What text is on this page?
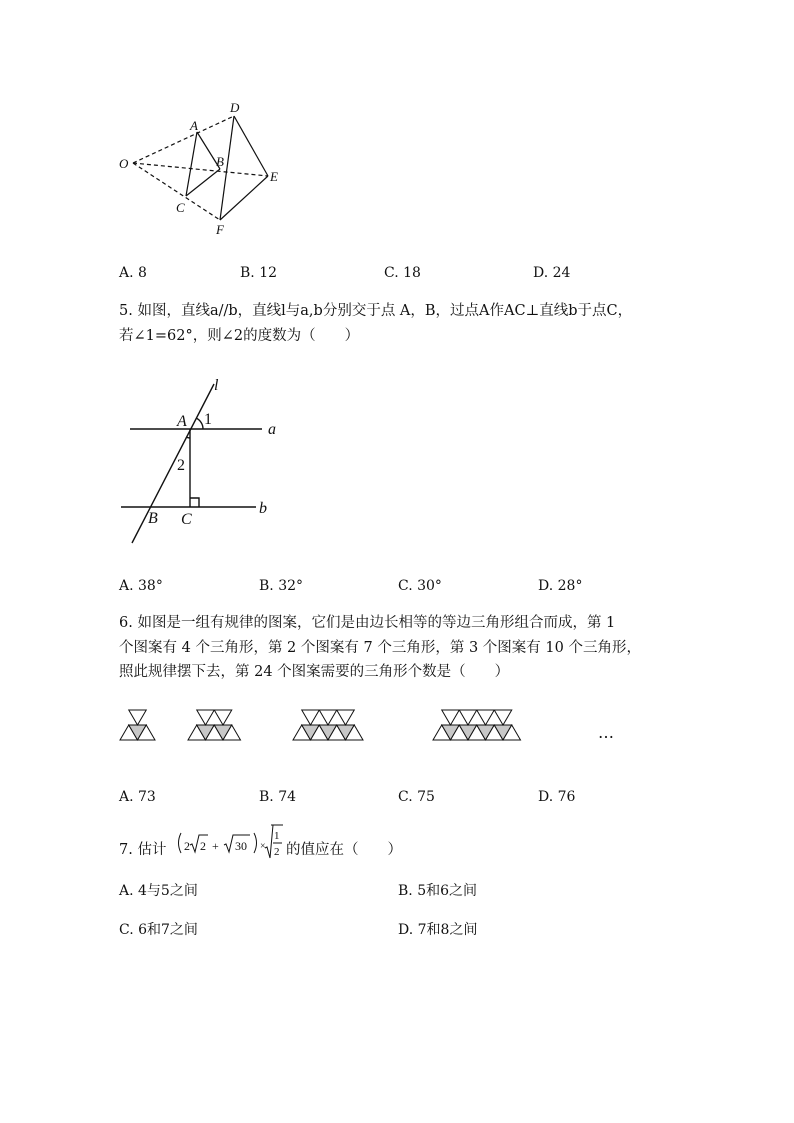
O
A
B
C
D
E
F
A. 8	B. 12	C. 18	D. 24
5. 如图，直线a//b，直线l与a,b分别交于点 A，B，过点A作AC⊥直线b于点C，
若∠1=62°，则∠2的度数为（　　）
l
A 1
a
2
B C
b
A. 38°	B. 32°	C. 30°	D. 28°
6. 如图是一组有规律的图案，它们是由边长相等的等边三角形组合而成，第 1
个图案有 4 个三角形，第 2 个图案有 7 个三角形，第 3 个图案有 10 个三角形，
照此规律摆下去，第 24 个图案需要的三角形个数是（　　）
…
A. 73	B. 74	C. 75	D. 76
7. 估计 2 2 + 30 ×
1
2 的值应在（　　）
A. 4与5之间	B. 5和6之间
C. 6和7之间	D. 7和8之间
